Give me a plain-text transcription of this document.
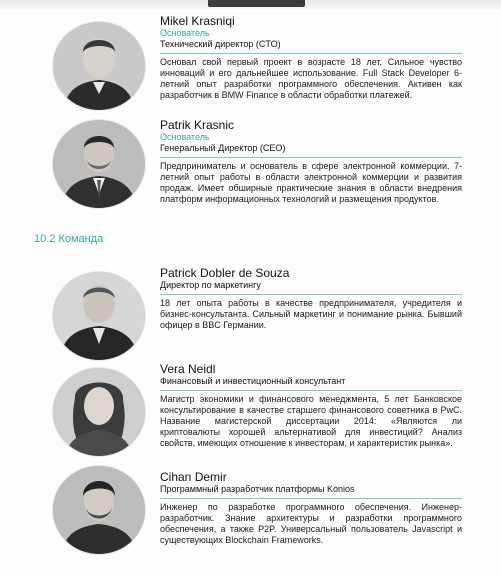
Mikel Krasniqi
Основатель
Технический директор (CTO)
Основал свой первый проект в возрасте 18 лет. Сильное чувство инноваций и его дальнейшее использование. Full Stack Developer 6-летний опыт разработки программного обеспечения. Активен как разработчик в BMW Finance в области обработки платежей.
Patrik Krasnic
Основатель
Генеральный Директор (CEO)
Предприниматель и основатель в сфере электронной коммерции. 7-летний опыт работы в области электронной коммерции и развития продаж. Имеет обширные практические знания в области внедрения платформ информационных технологий и размещения продуктов.
10.2 Команда
Patrick Dobler de Souza
Директор по маркетингу
18 лет опыта работы в качестве предпринимателя, учредителя и бизнес-консультанта. Сильный маркетинг и понимание рынка. Бывший офицер в BBC Германии.
Vera Neidl
Финансовый и инвестиционный консультант
Магистр экономики и финансового менеджмента, 5 лет Банковское консультирование в качестве старшего финансового советника в PwC. Название магистерской диссертации 2014: «Являются ли криптовалюты хорошей альтернативой для инвестиций? Анализ свойств, имеющих отношение к инвесторам, и характеристик рынка».
Cihan Demir
Программный разработчик платформы Konios
Инженер по разработке программного обеспечения. Инженер-разработчик. Знание архитектуры и разработки программного обеспечения, а также P2P. Универсальный пользователь Javascript и существующих Blockchain Frameworks.
